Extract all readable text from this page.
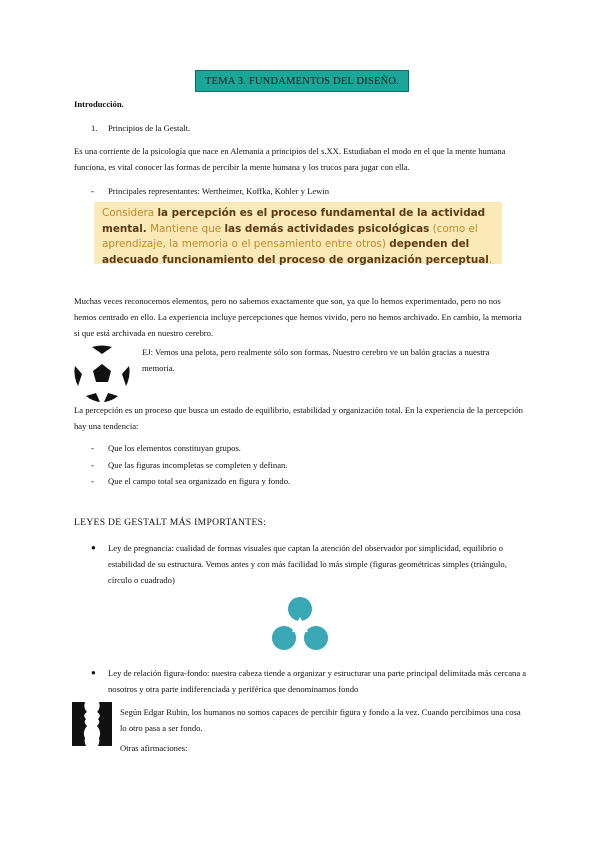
TEMA 3. FUNDAMENTOS DEL DISEÑO.
Introducción.
1. Principios de la Gestalt.
Es una corriente de la psicología que nace en Alemania a principios del s.XX. Estudiaban el modo en el que la mente humana funciona, es vital conocer las formas de percibir la mente humana y los trucos para jugar con ella.
- Principales representantes: Wertheimer, Koffka, Kohler y Lewin

Considera la percepción es el proceso fundamental de la actividad mental. Mantiene que las demás actividades psicológicas (como el aprendizaje, la memoria o el pensamiento entre otros) dependen del adecuado funcionamiento del proceso de organización perceptual.

Muchas veces reconocemos elementos, pero no sabemos exactamente que son, ya que lo hemos experimentado, pero no nos hemos centrado en ello. La experiencia incluye percepciones que hemos vivido, pero no hemos archivado. En cambio, la memoria si que está archivada en nuestro cerebro.
EJ: Vemos una pelota, pero realmente sólo son formas. Nuestro cerebro ve un balón gracias a nuestra memoria.
La percepción es un proceso que busca un estado de equilibrio, estabilidad y organización total. En la experiencia de la percepción hay una tendencia:
- Que los elementos constituyan grupos.
- Que las figuras incompletas se completen y definan.
- Que el campo total sea organizado en figura y fondo.
LEYES DE GESTALT MÁS IMPORTANTES:
● Ley de pregnancia: cualidad de formas visuales que captan la atención del observador por simplicidad, equilibrio o estabilidad de su estructura. Vemos antes y con más facilidad lo más simple (figuras geométricas simples (triángulo, círculo o cuadrado)
● Ley de relación figura-fondo: nuestra cabeza tiende a organizar y estructurar una parte principal delimitada más cercana a nosotros y otra parte indiferenciada y periférica que denominamos fondo
Según Edgar Rubin, los humanos no somos capaces de percibir figura y fondo a la vez. Cuando percibimos una cosa lo otro pasa a ser fondo.
Otras afirmaciones:
